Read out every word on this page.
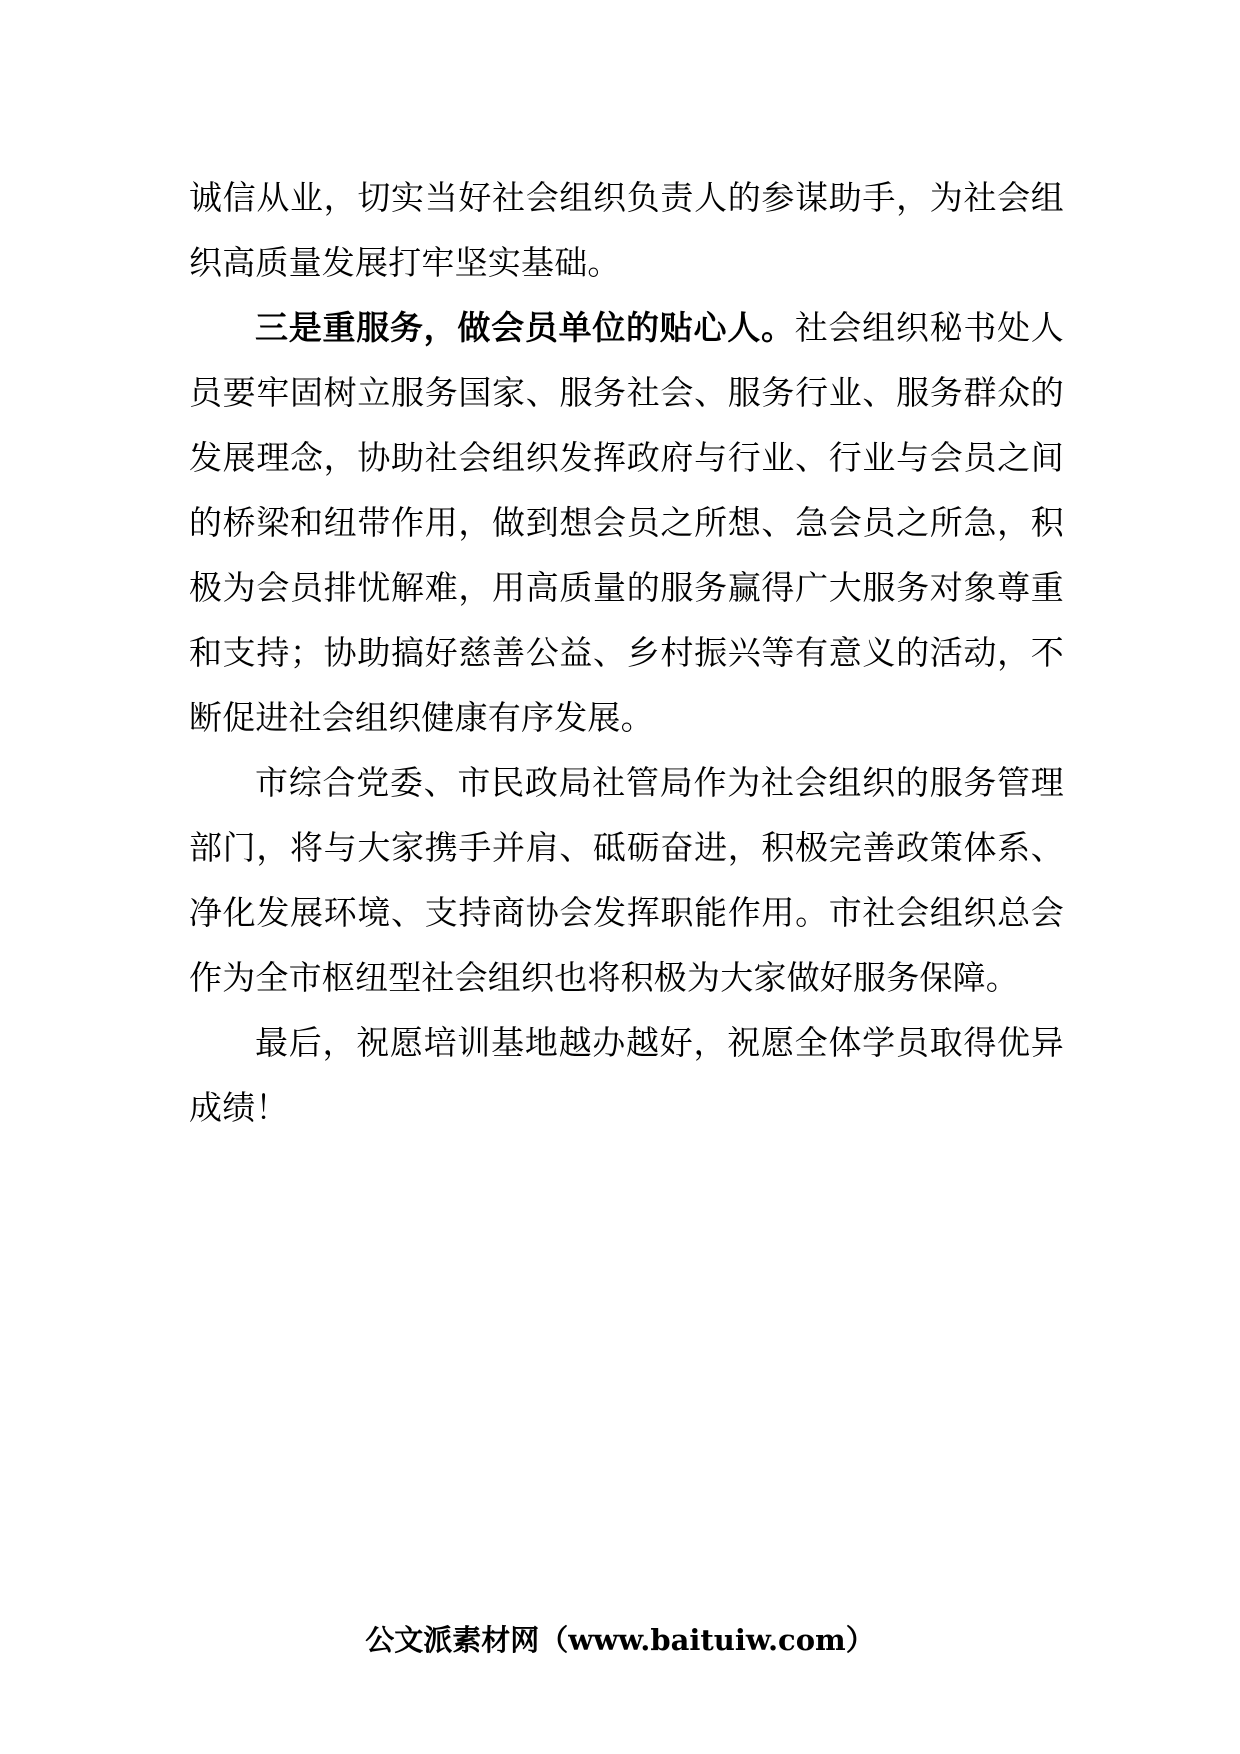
诚信从业，切实当好社会组织负责人的参谋助手，为社会组织高质量发展打牢坚实基础。

三是重服务，做会员单位的贴心人。社会组织秘书处人员要牢固树立服务国家、服务社会、服务行业、服务群众的发展理念，协助社会组织发挥政府与行业、行业与会员之间的桥梁和纽带作用，做到想会员之所想、急会员之所急，积极为会员排忧解难，用高质量的服务赢得广大服务对象尊重和支持；协助搞好慈善公益、乡村振兴等有意义的活动，不断促进社会组织健康有序发展。

市综合党委、市民政局社管局作为社会组织的服务管理部门，将与大家携手并肩、砥砺奋进，积极完善政策体系、净化发展环境、支持商协会发挥职能作用。市社会组织总会作为全市枢纽型社会组织也将积极为大家做好服务保障。

最后，祝愿培训基地越办越好，祝愿全体学员取得优异成绩！

公文派素材网（www.baituiw.com）
